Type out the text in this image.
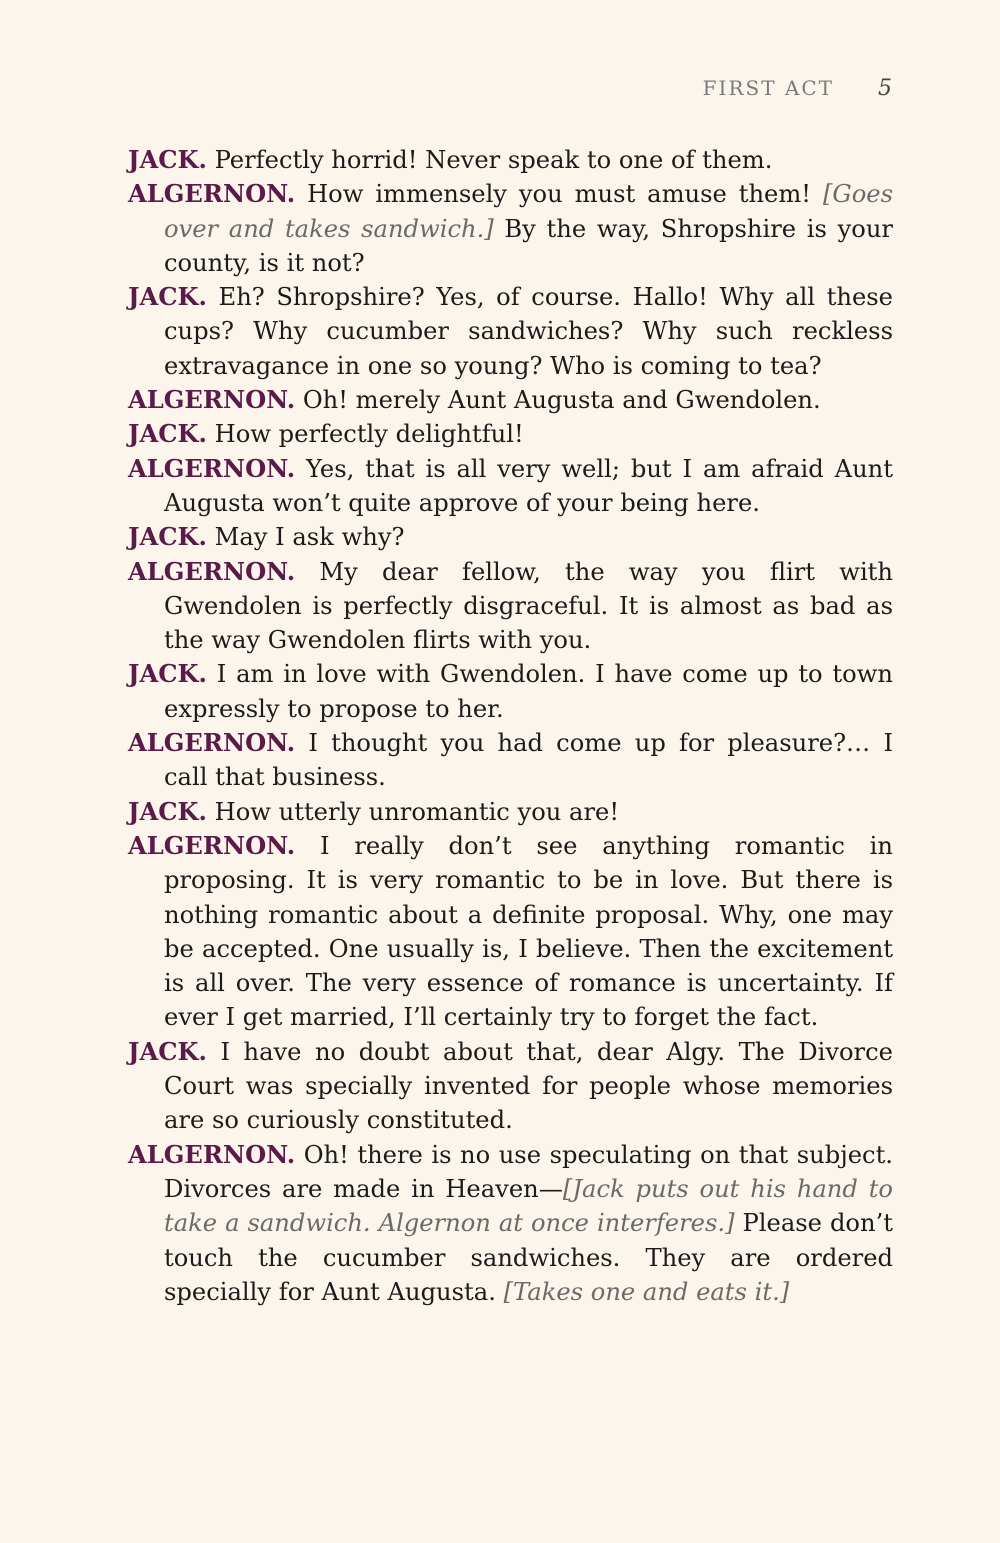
FIRST ACT 5

JACK. Perfectly horrid! Never speak to one of them.

ALGERNON. How immensely you must amuse them! [Goes over and takes sandwich.] By the way, Shropshire is your county, is it not?

JACK. Eh? Shropshire? Yes, of course. Hallo! Why all these cups? Why cucumber sandwiches? Why such reckless extravagance in one so young? Who is coming to tea?

ALGERNON. Oh! merely Aunt Augusta and Gwendolen.

JACK. How perfectly delightful!

ALGERNON. Yes, that is all very well; but I am afraid Aunt Augusta won’t quite approve of your being here.

JACK. May I ask why?

ALGERNON. My dear fellow, the way you flirt with Gwendolen is perfectly disgraceful. It is almost as bad as the way Gwendolen flirts with you.

JACK. I am in love with Gwendolen. I have come up to town expressly to propose to her.

ALGERNON. I thought you had come up for pleasure?… I call that business.

JACK. How utterly unromantic you are!

ALGERNON. I really don’t see anything romantic in proposing. It is very romantic to be in love. But there is nothing romantic about a definite proposal. Why, one may be accepted. One usually is, I believe. Then the excitement is all over. The very essence of romance is uncertainty. If ever I get married, I’ll certainly try to forget the fact.

JACK. I have no doubt about that, dear Algy. The Divorce Court was specially invented for people whose memories are so curiously constituted.

ALGERNON. Oh! there is no use speculating on that subject. Divorces are made in Heaven—[Jack puts out his hand to take a sandwich. Algernon at once interferes.] Please don’t touch the cucumber sandwiches. They are ordered specially for Aunt Augusta. [Takes one and eats it.]
